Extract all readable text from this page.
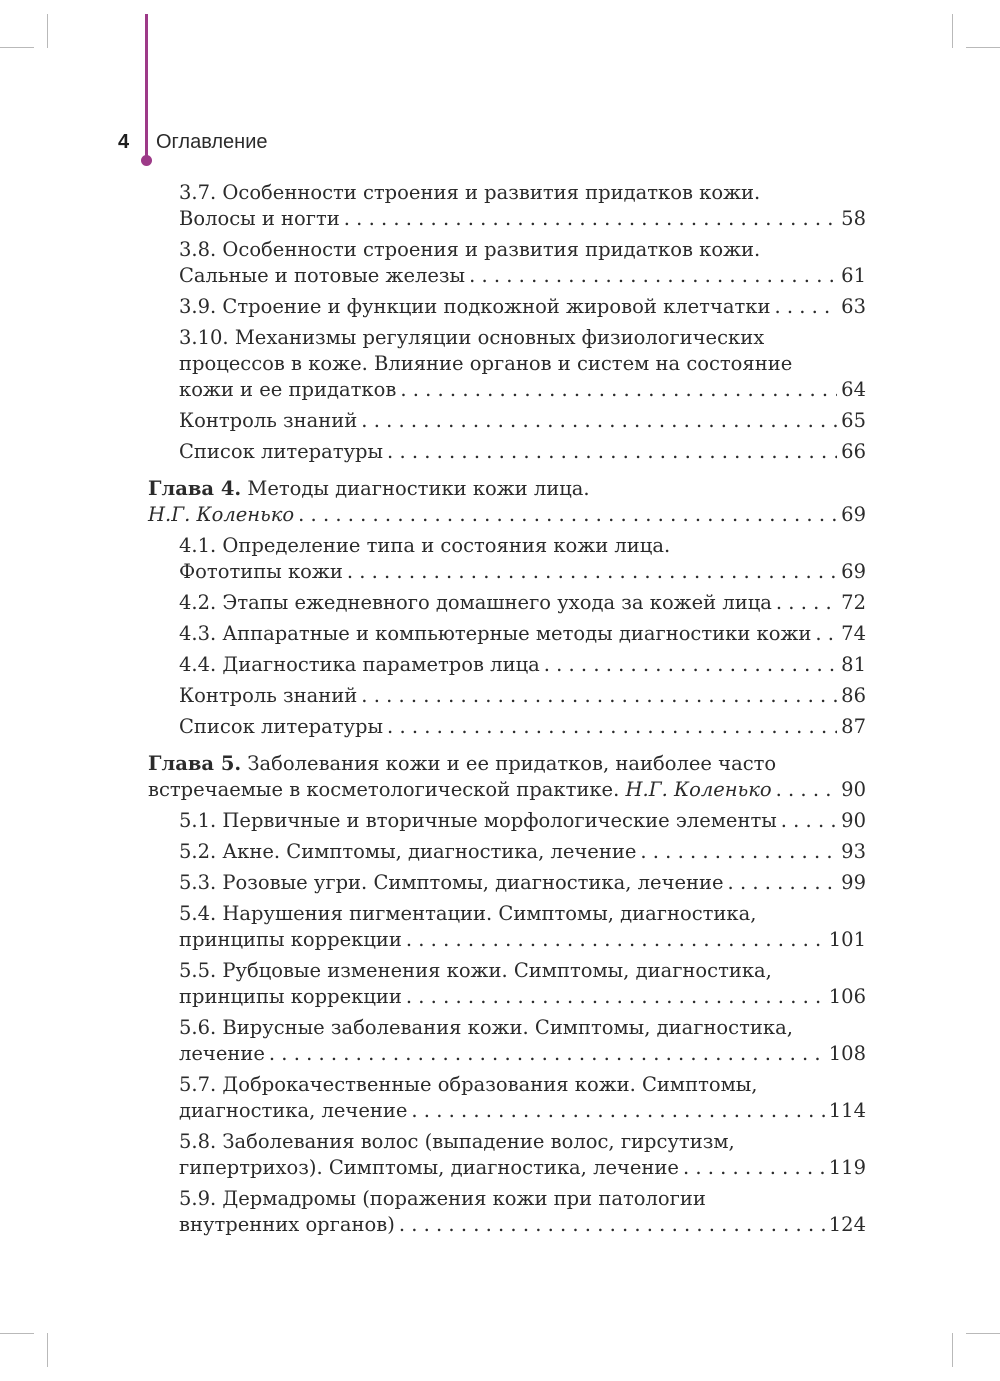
4 Оглавление
3.7. Особенности строения и развития придатков кожи.
Волосы и ногти . . .	58
3.8. Особенности строения и развития придатков кожи.
Сальные и потовые железы . . .	61
3.9. Строение и функции подкожной жировой клетчатки . . .	63
3.10. Механизмы регуляции основных физиологических
процессов в коже. Влияние органов и систем на состояние
кожи и ее придатков . . .	64
Контроль знаний . . .	65
Список литературы . . .	66
Глава 4. Методы диагностики кожи лица.
Н.Г. Коленько . . .	69
4.1. Определение типа и состояния кожи лица.
Фототипы кожи . . .	69
4.2. Этапы ежедневного домашнего ухода за кожей лица . . .	72
4.3. Аппаратные и компьютерные методы диагностики кожи . . . 74
4.4. Диагностика параметров лица . . .	81
Контроль знаний . . .	86
Список литературы . . .	87
Глава 5. Заболевания кожи и ее придатков, наиболее часто
встречаемые в косметологической практике. Н.Г. Коленько . . .	90
5.1. Первичные и вторичные морфологические элементы . . .	90
5.2. Акне. Симптомы, диагностика, лечение . . .	93
5.3. Розовые угри. Симптомы, диагностика, лечение . . .	99
5.4. Нарушения пигментации. Симптомы, диагностика,
принципы коррекции . . .	101
5.5. Рубцовые изменения кожи. Симптомы, диагностика,
принципы коррекции . . .	106
5.6. Вирусные заболевания кожи. Симптомы, диагностика,
лечение . . .	108
5.7. Доброкачественные образования кожи. Симптомы,
диагностика, лечение . . .	114
5.8. Заболевания волос (выпадение волос, гирсутизм,
гипертрихоз). Симптомы, диагностика, лечение . . .	119
5.9. Дермадромы (поражения кожи при патологии
внутренних органов) . . .	124
